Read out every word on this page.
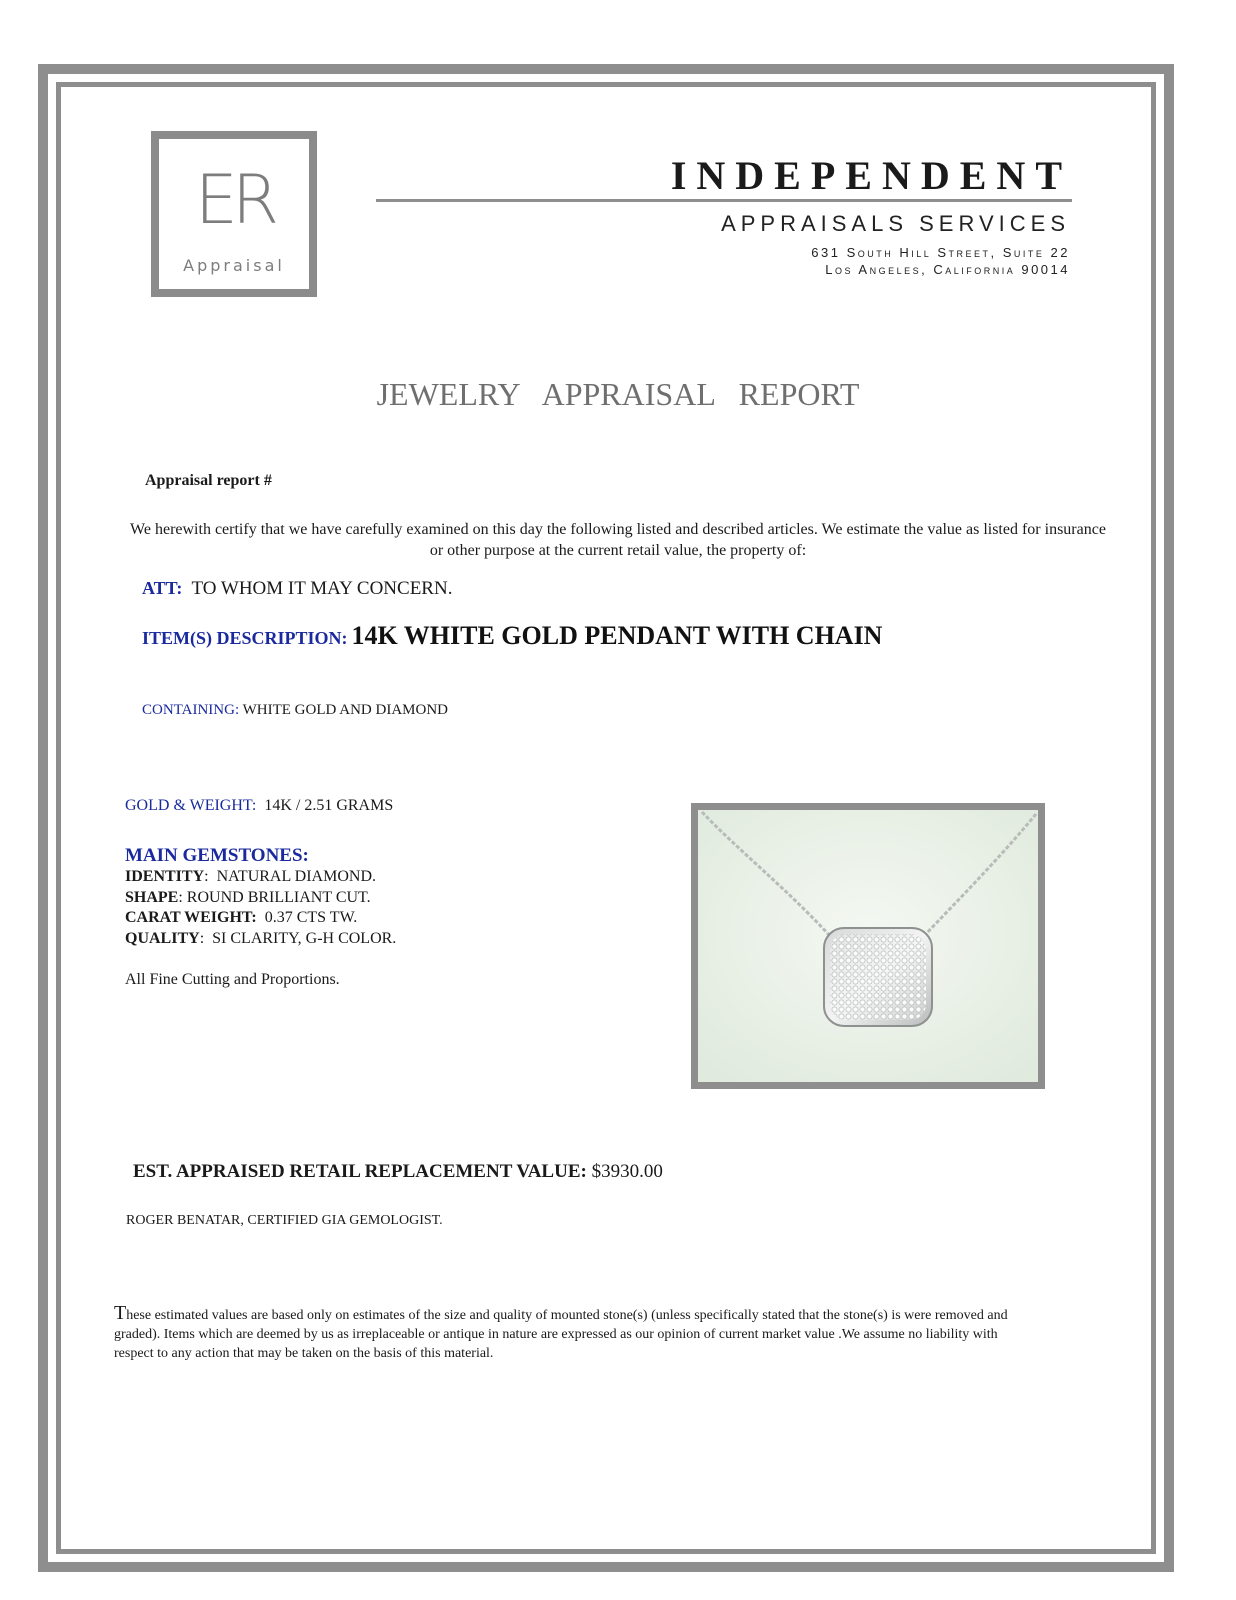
ER
Appraisal
INDEPENDENT
APPRAISALS SERVICES
631 South Hill Street, Suite 22
Los Angeles, California 90014
JEWELRY APPRAISAL REPORT
Appraisal report #
We herewith certify that we have carefully examined on this day the following listed and described articles. We estimate the value as listed for insurance or other purpose at the current retail value, the property of:
ATT: TO WHOM IT MAY CONCERN.
ITEM(S) DESCRIPTION: 14K WHITE GOLD PENDANT WITH CHAIN
CONTAINING: WHITE GOLD AND DIAMOND
GOLD & WEIGHT: 14K / 2.51 GRAMS
MAIN GEMSTONES:
IDENTITY:  NATURAL DIAMOND.
SHAPE: ROUND BRILLIANT CUT.
CARAT WEIGHT: 0.37 CTS TW.
QUALITY:  SI CLARITY, G-H COLOR.
All Fine Cutting and Proportions.
EST. APPRAISED RETAIL REPLACEMENT VALUE: $3930.00
ROGER BENATAR, CERTIFIED GIA GEMOLOGIST.
These estimated values are based only on estimates of the size and quality of mounted stone(s) (unless specifically stated that the stone(s) is were removed and graded). Items which are deemed by us as irreplaceable or antique in nature are expressed as our opinion of current market value .We assume no liability with respect to any action that may be taken on the basis of this material.
